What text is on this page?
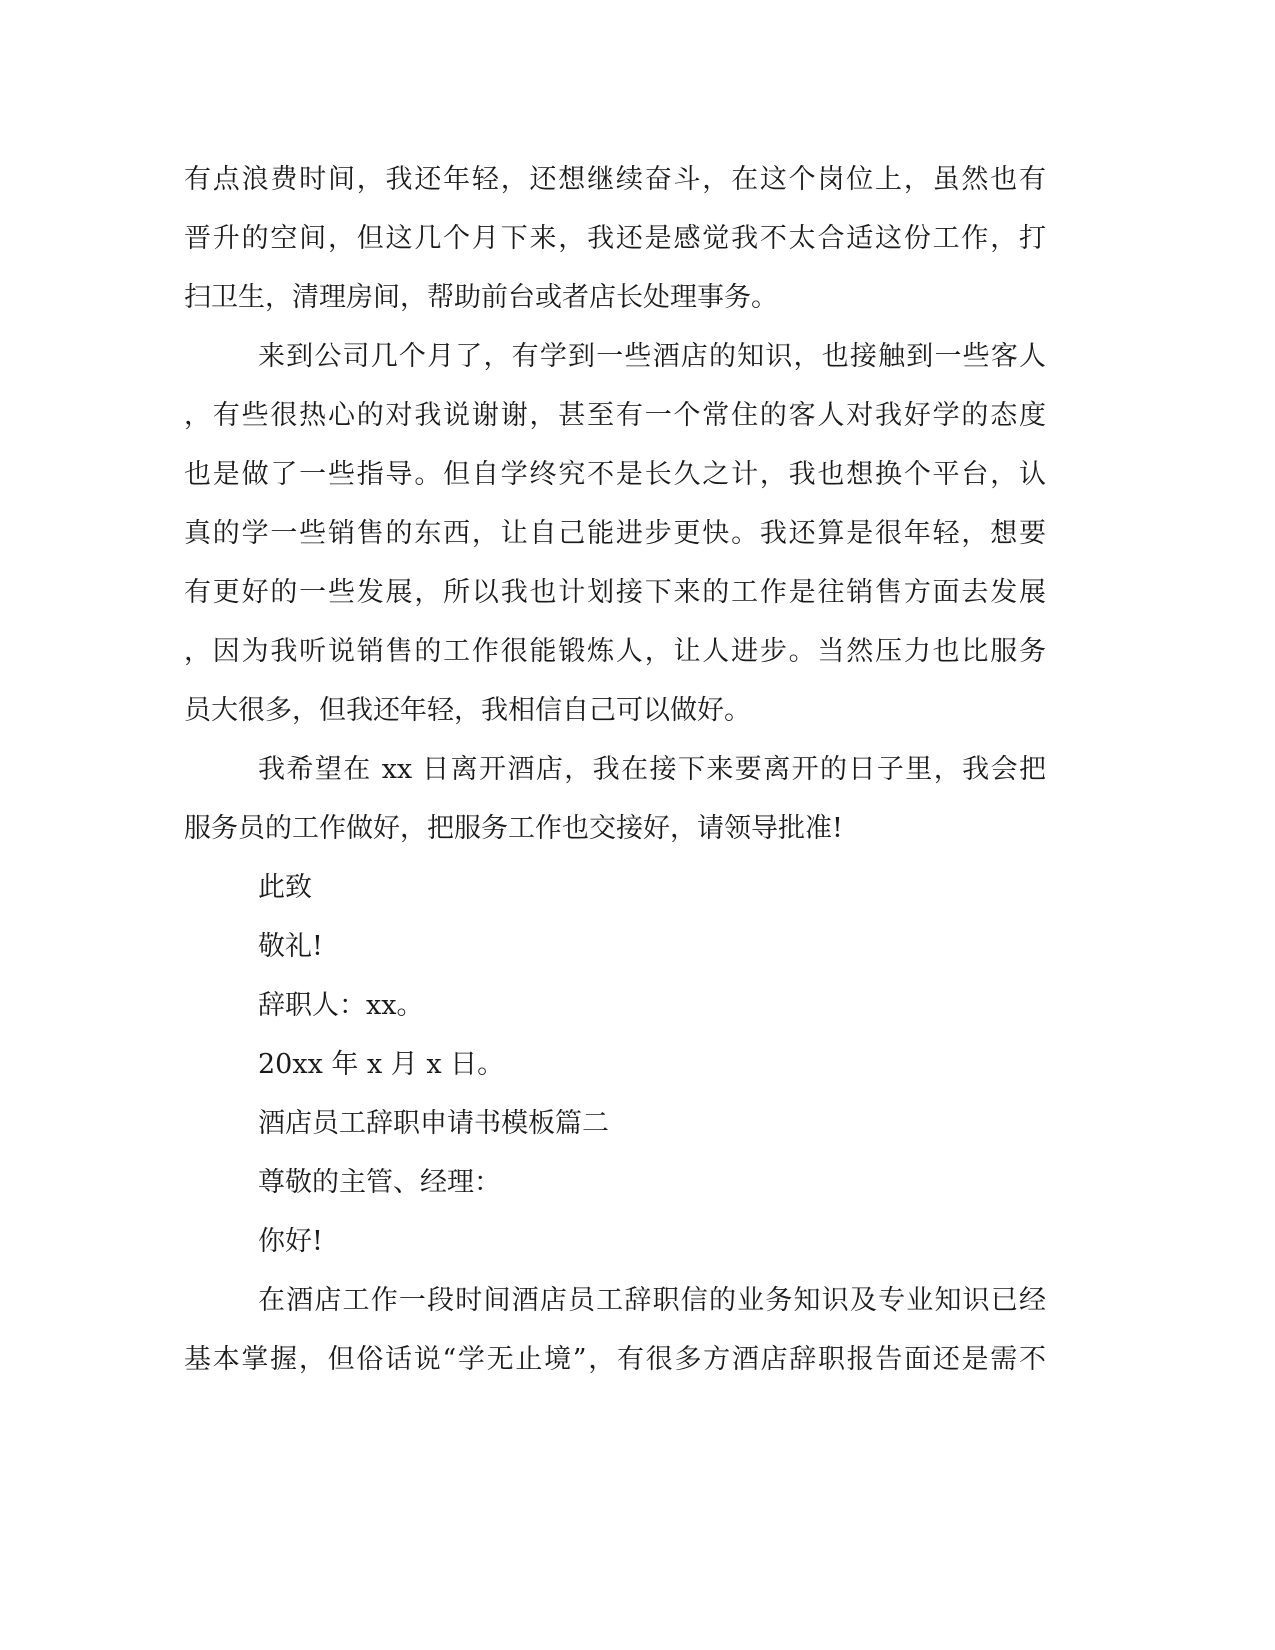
有点浪费时间，我还年轻，还想继续奋斗，在这个岗位上，虽然也有

晋升的空间，但这几个月下来，我还是感觉我不太合适这份工作，打

扫卫生，清理房间，帮助前台或者店长处理事务。

来到公司几个月了，有学到一些酒店的知识，也接触到一些客人

，有些很热心的对我说谢谢，甚至有一个常住的客人对我好学的态度

也是做了一些指导。但自学终究不是长久之计，我也想换个平台，认

真的学一些销售的东西，让自己能进步更快。我还算是很年轻，想要

有更好的一些发展，所以我也计划接下来的工作是往销售方面去发展

，因为我听说销售的工作很能锻炼人，让人进步。当然压力也比服务

员大很多，但我还年轻，我相信自己可以做好。

我希望在 xx 日离开酒店，我在接下来要离开的日子里，我会把

服务员的工作做好，把服务工作也交接好，请领导批准!

此致

敬礼!

辞职人：xx。

20xx 年 x 月 x 日。

酒店员工辞职申请书模板篇二

尊敬的主管、经理：

你好!

在酒店工作一段时间酒店员工辞职信的业务知识及专业知识已经

基本掌握，但俗话说“学无止境”，有很多方酒店辞职报告面还是需不
